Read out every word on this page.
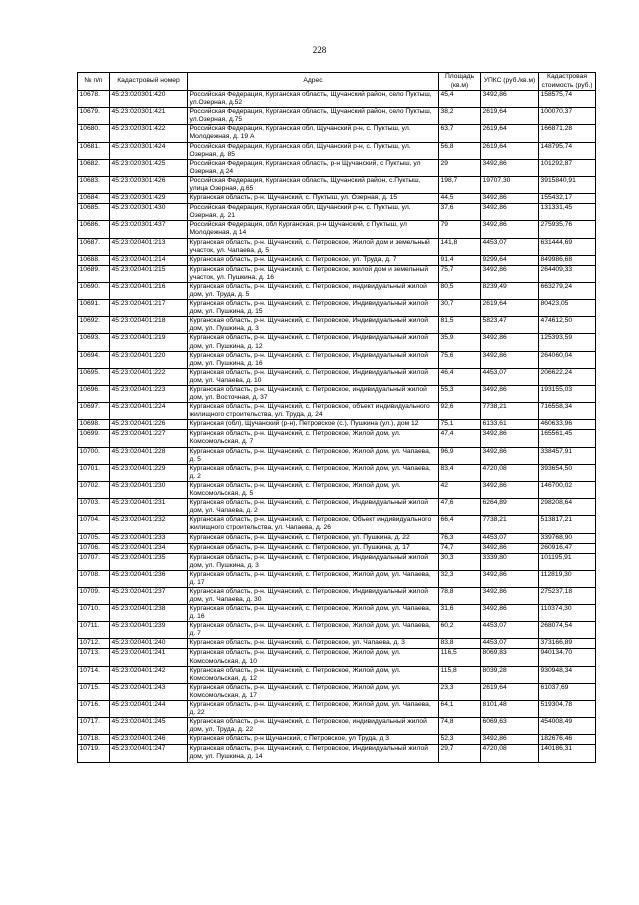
228
№ п/п	Кадастровый номер	Адрес	Площадь (кв.м)	УПКС (руб./кв.м)	Кадастровая стоимость (руб.)
10678.	45:23:020301:420	Российская Федерация, Курганская область, Щучанский район, село Пуктыш, ул.Озерная, д.52	45,4	3492,86	158575,74
10679.	45:23:020301:421	Российская Федерация, Курганская область, Щучанский район, село Пуктыш, ул.Озерная, д.75	38,2	2619,64	100070,37
10680.	45:23:020301:422	Российская Федерация, Курганская обл, Щучанский р-н, с. Пуктыш, ул. Молодежная, д. 19 А	63,7	2619,64	166871,28
10681.	45:23:020301:424	Российская Федерация, Курганская обл, Щучанский р-н, с. Пуктыш, ул. Озерная, д. 85	56,8	2619,64	148795,74
10682.	45:23:020301:425	Российская Федерация, Курганская область, р-н Щучанский, с Пуктыш, ул Озерная, д 24	29	3492,86	101292,87
10683.	45:23:020301:426	Российская Федерация, Курганская область, Щучанский район, с.Пуктыш, улица Озерная, д.65	198,7	19707,30	3915840,91
10684.	45:23:020301:429	Курганская область, р-н. Щучанский, с. Пуктыш, ул. Озерная, д. 15	44,5	3492,86	155432,17
10685.	45:23:020301:430	Российская Федерация, Курганская обл, Щучанский р-н, с. Пуктыш, ул. Озерная, д. 21	37,6	3492,86	131331,45
10686.	45:23:020301:437	Российская Федерация, обл Курганская, р-н Щучанский, с Пуктыш, ул Молодежная, д 14	79	3492,86	275935,76
10687.	45:23:020401:213	Курганская область, р-н. Щучанский, с. Петровское, Жилой дом и земельный участок, ул. Чапаева, д. 5	141,8	4453,07	631444,69
10688.	45:23:020401:214	Курганская область, р-н. Щучанский, с. Петровское, ул. Труда, д. 7	91,4	9299,64	849986,68
10689.	45:23:020401:215	Курганская область, р-н. Щучанский, с. Петровское, жилой дом и земельный участок, ул. Пушкина, д. 16	75,7	3492,86	264409,33
10690.	45:23:020401:216	Курганская область, р-н. Щучанский, с. Петровское, индивидуальный жилой дом, ул. Труда, д. 5	80,5	8239,49	663279,24
10691.	45:23:020401:217	Курганская область, р-н. Щучанский, с. Петровское, Индивидуальный жилой дом, ул. Пушкина, д. 15	30,7	2619,64	80423,05
10692.	45:23:020401:218	Курганская область, р-н. Щучанский, с. Петровское, Индивидуальный жилой дом, ул. Пушкина, д. 3	81,5	5823,47	474612,50
10693.	45:23:020401:219	Курганская область, р-н. Щучанский, с. Петровское, Индивидуальный жилой дом, ул. Пушкина, д. 12	35,9	3492,86	125393,59
10694.	45:23:020401:220	Курганская область, р-н. Щучанский, с. Петровское, Индивидуальный жилой дом, ул. Пушкина, д. 16	75,6	3492,86	264060,04
10695.	45:23:020401:222	Курганская область, р-н. Щучанский, с. Петровское, Индивидуальный жилой дом, ул. Чапаева, д. 10	46,4	4453,07	206622,24
10696.	45:23:020401:223	Курганская область, р-н. Щучанский, с. Петровское, индивидуальный жилой дом, ул. Восточная, д. 37	55,3	3492,86	193155,03
10697.	45:23:020401:224	Курганская область, р-н. Щучанский, с. Петровское, объект индивидуального жилищного строительства, ул. Труда, д. 24	92,6	7738,21	716558,34
10698.	45:23:020401:226	Курганская (обл), Щучанский (р-н), Петровское (с.), Пушкина (ул.), дом 12	75,1	6133,61	460633,96
10699.	45:23:020401:227	Курганская область, р-н. Щучанский, с. Петровское, Жилой дом, ул. Комсомольская, д. 7	47,4	3492,86	165561,45
10700.	45:23:020401:228	Курганская область, р-н. Щучанский, с. Петровское, Жилой дом, ул. Чапаева, д. 5	96,9	3492,86	338457,91
10701.	45:23:020401:229	Курганская область, р-н. Щучанский, с. Петровское, Жилой дом, ул. Чапаева, д. 2	83,4	4720,08	393654,50
10702.	45:23:020401:230	Курганская область, р-н. Щучанский, с. Петровское, Жилой дом, ул. Комсомольская, д. 5	42	3492,86	146700,02
10703.	45:23:020401:231	Курганская область, р-н. Щучанский, с. Петровское, Индивидуальный жилой дом, ул. Чапаева, д. 2	47,6	6264,89	298208,64
10704.	45:23:020401:232	Курганская область, р-н. Щучанский, с. Петровское, Объект индивидуального жилищного строительства, ул. Чапаева, д. 26	66,4	7738,21	513817,21
10705.	45:23:020401:233	Курганская область, р-н. Щучанский, с. Петровское, ул. Пушкина, д. 22	76,3	4453,07	339768,90
10706.	45:23:020401:234	Курганская область, р-н. Щучанский, с. Петровское, ул. Пушкина, д. 17	74,7	3492,86	260916,47
10707.	45:23:020401:235	Курганская область, р-н. Щучанский, с. Петровское, Индивидуальный жилой дом, ул. Пушкина, д. 3	30,3	3339,80	101195,91
10708.	45:23:020401:236	Курганская область, р-н. Щучанский, с. Петровское, Жилой дом, ул. Чапаева, д. 17	32,3	3492,86	112819,30
10709.	45:23:020401:237	Курганская область, р-н. Щучанский, с. Петровское, Индивидуальный жилой дом, ул. Чапаева, д. 30	78,8	3492,86	275237,18
10710.	45:23:020401:238	Курганская область, р-н. Щучанский, с. Петровское, Жилой дом, ул. Чапаева, д. 16	31,6	3492,86	110374,30
10711.	45:23:020401:239	Курганская область, р-н. Щучанский, с. Петровское, Жилой дом, ул. Чапаева, д. 7	60,2	4453,07	268074,54
10712.	45:23:020401:240	Курганская область, р-н. Щучанский, с. Петровское, ул. Чапаева, д. 3	83,8	4453,07	373166,89
10713.	45:23:020401:241	Курганская область, р-н. Щучанский, с. Петровское, Жилой дом, ул. Комсомольская, д. 10	116,5	8069,83	940134,70
10714.	45:23:020401:242	Курганская область, р-н. Щучанский, с. Петровское, Жилой дом, ул. Комсомольская, д. 12	115,8	8039,28	930948,34
10715.	45:23:020401:243	Курганская область, р-н. Щучанский, с. Петровское, Жилой дом, ул. Комсомольская, д. 17	23,3	2619,64	61037,69
10716.	45:23:020401:244	Курганская область, р-н. Щучанский, с. Петровское, Жилой дом, ул. Чапаева, д. 22	64,1	8101,48	519304,78
10717.	45:23:020401:245	Курганская область, р-н. Щучанский, с. Петровское, индивидуальный жилой дом, ул. Труда, д. 22	74,8	6069,63	454008,49
10718.	45:23:020401:246	Курганская область, р-н Щучанский, с Петровское, ул Труда, д 3	52,3	3492,86	182676,46
10719.	45:23:020401:247	Курганская область, р-н. Щучанский, с. Петровское, Индивидуальный жилой дом, ул. Пушкина, д. 14	29,7	4720,08	140186,31
